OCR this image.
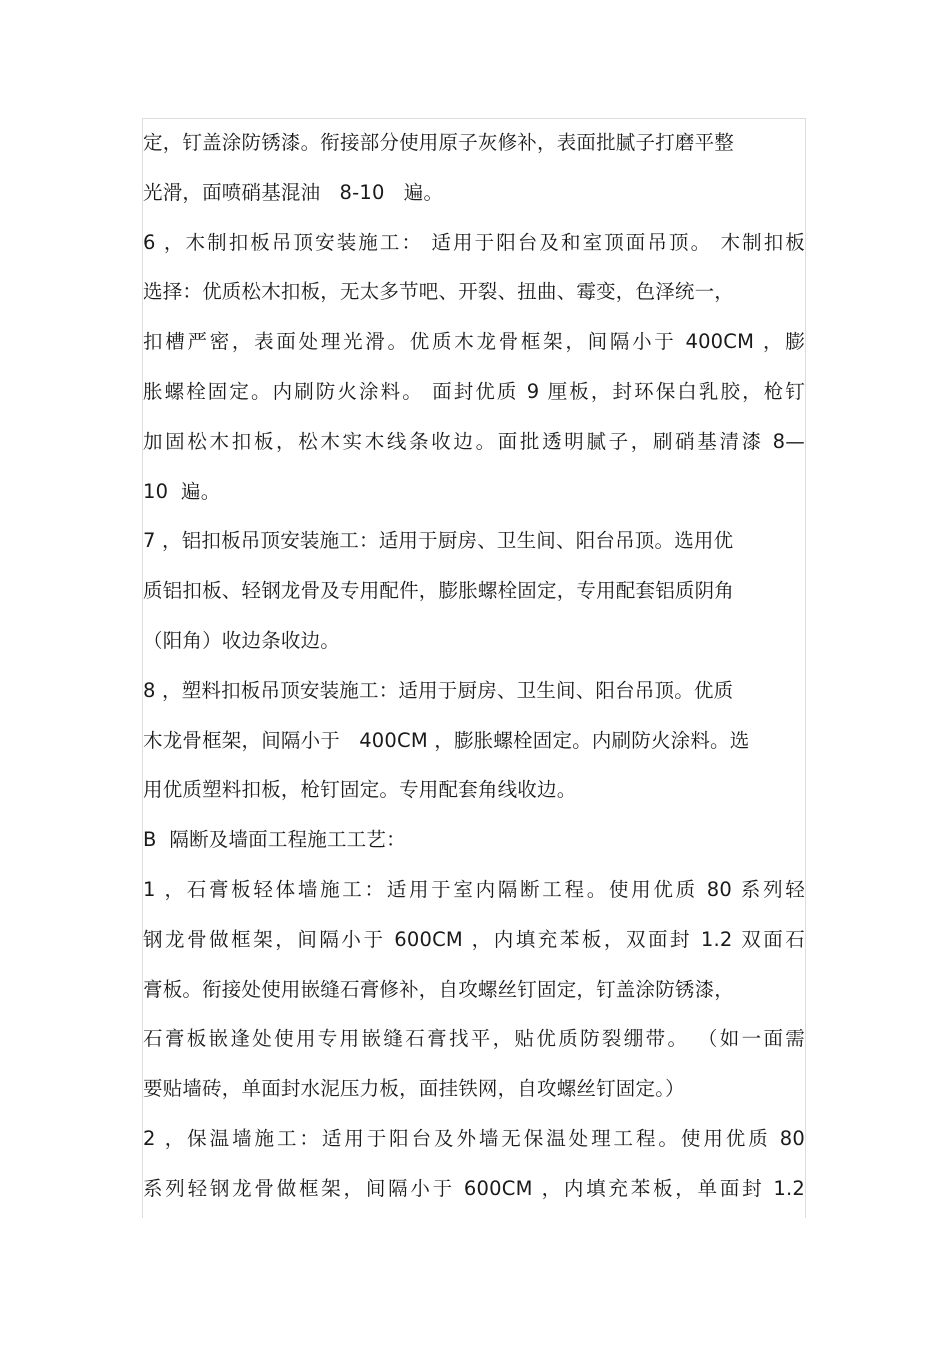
定，钉盖涂防锈漆。衔接部分使用原子灰修补，表面批腻子打磨平整
光滑，面喷硝基混油   8-10   遍。
6 ，木制扣板吊顶安装施工： 适用于阳台及和室顶面吊顶。 木制扣板
选择：优质松木扣板，无太多节吧、开裂、扭曲、霉变，色泽统一，
扣槽严密，表面处理光滑。优质木龙骨框架，间隔小于 400CM ，膨
胀螺栓固定。内刷防火涂料。 面封优质 9 厘板，封环保白乳胶，枪钉
加固松木扣板，松木实木线条收边。面批透明腻子，刷硝基清漆 8—
10  遍。
7 ，铝扣板吊顶安装施工：适用于厨房、卫生间、阳台吊顶。选用优
质铝扣板、轻钢龙骨及专用配件，膨胀螺栓固定，专用配套铝质阴角
（阳角）收边条收边。
8 ，塑料扣板吊顶安装施工：适用于厨房、卫生间、阳台吊顶。优质
木龙骨框架，间隔小于   400CM ，膨胀螺栓固定。内刷防火涂料。选
用优质塑料扣板，枪钉固定。专用配套角线收边。
B  隔断及墙面工程施工工艺：
1 ，石膏板轻体墙施工：适用于室内隔断工程。使用优质 80 系列轻
钢龙骨做框架，间隔小于 600CM ，内填充苯板，双面封 1.2 双面石
膏板。衔接处使用嵌缝石膏修补，自攻螺丝钉固定，钉盖涂防锈漆，
石膏板嵌逢处使用专用嵌缝石膏找平，贴优质防裂绷带。 （如一面需
要贴墙砖，单面封水泥压力板，面挂铁网，自攻螺丝钉固定。）
2 ，保温墙施工：适用于阳台及外墙无保温处理工程。使用优质 80
系列轻钢龙骨做框架，间隔小于 600CM ，内填充苯板，单面封 1.2
